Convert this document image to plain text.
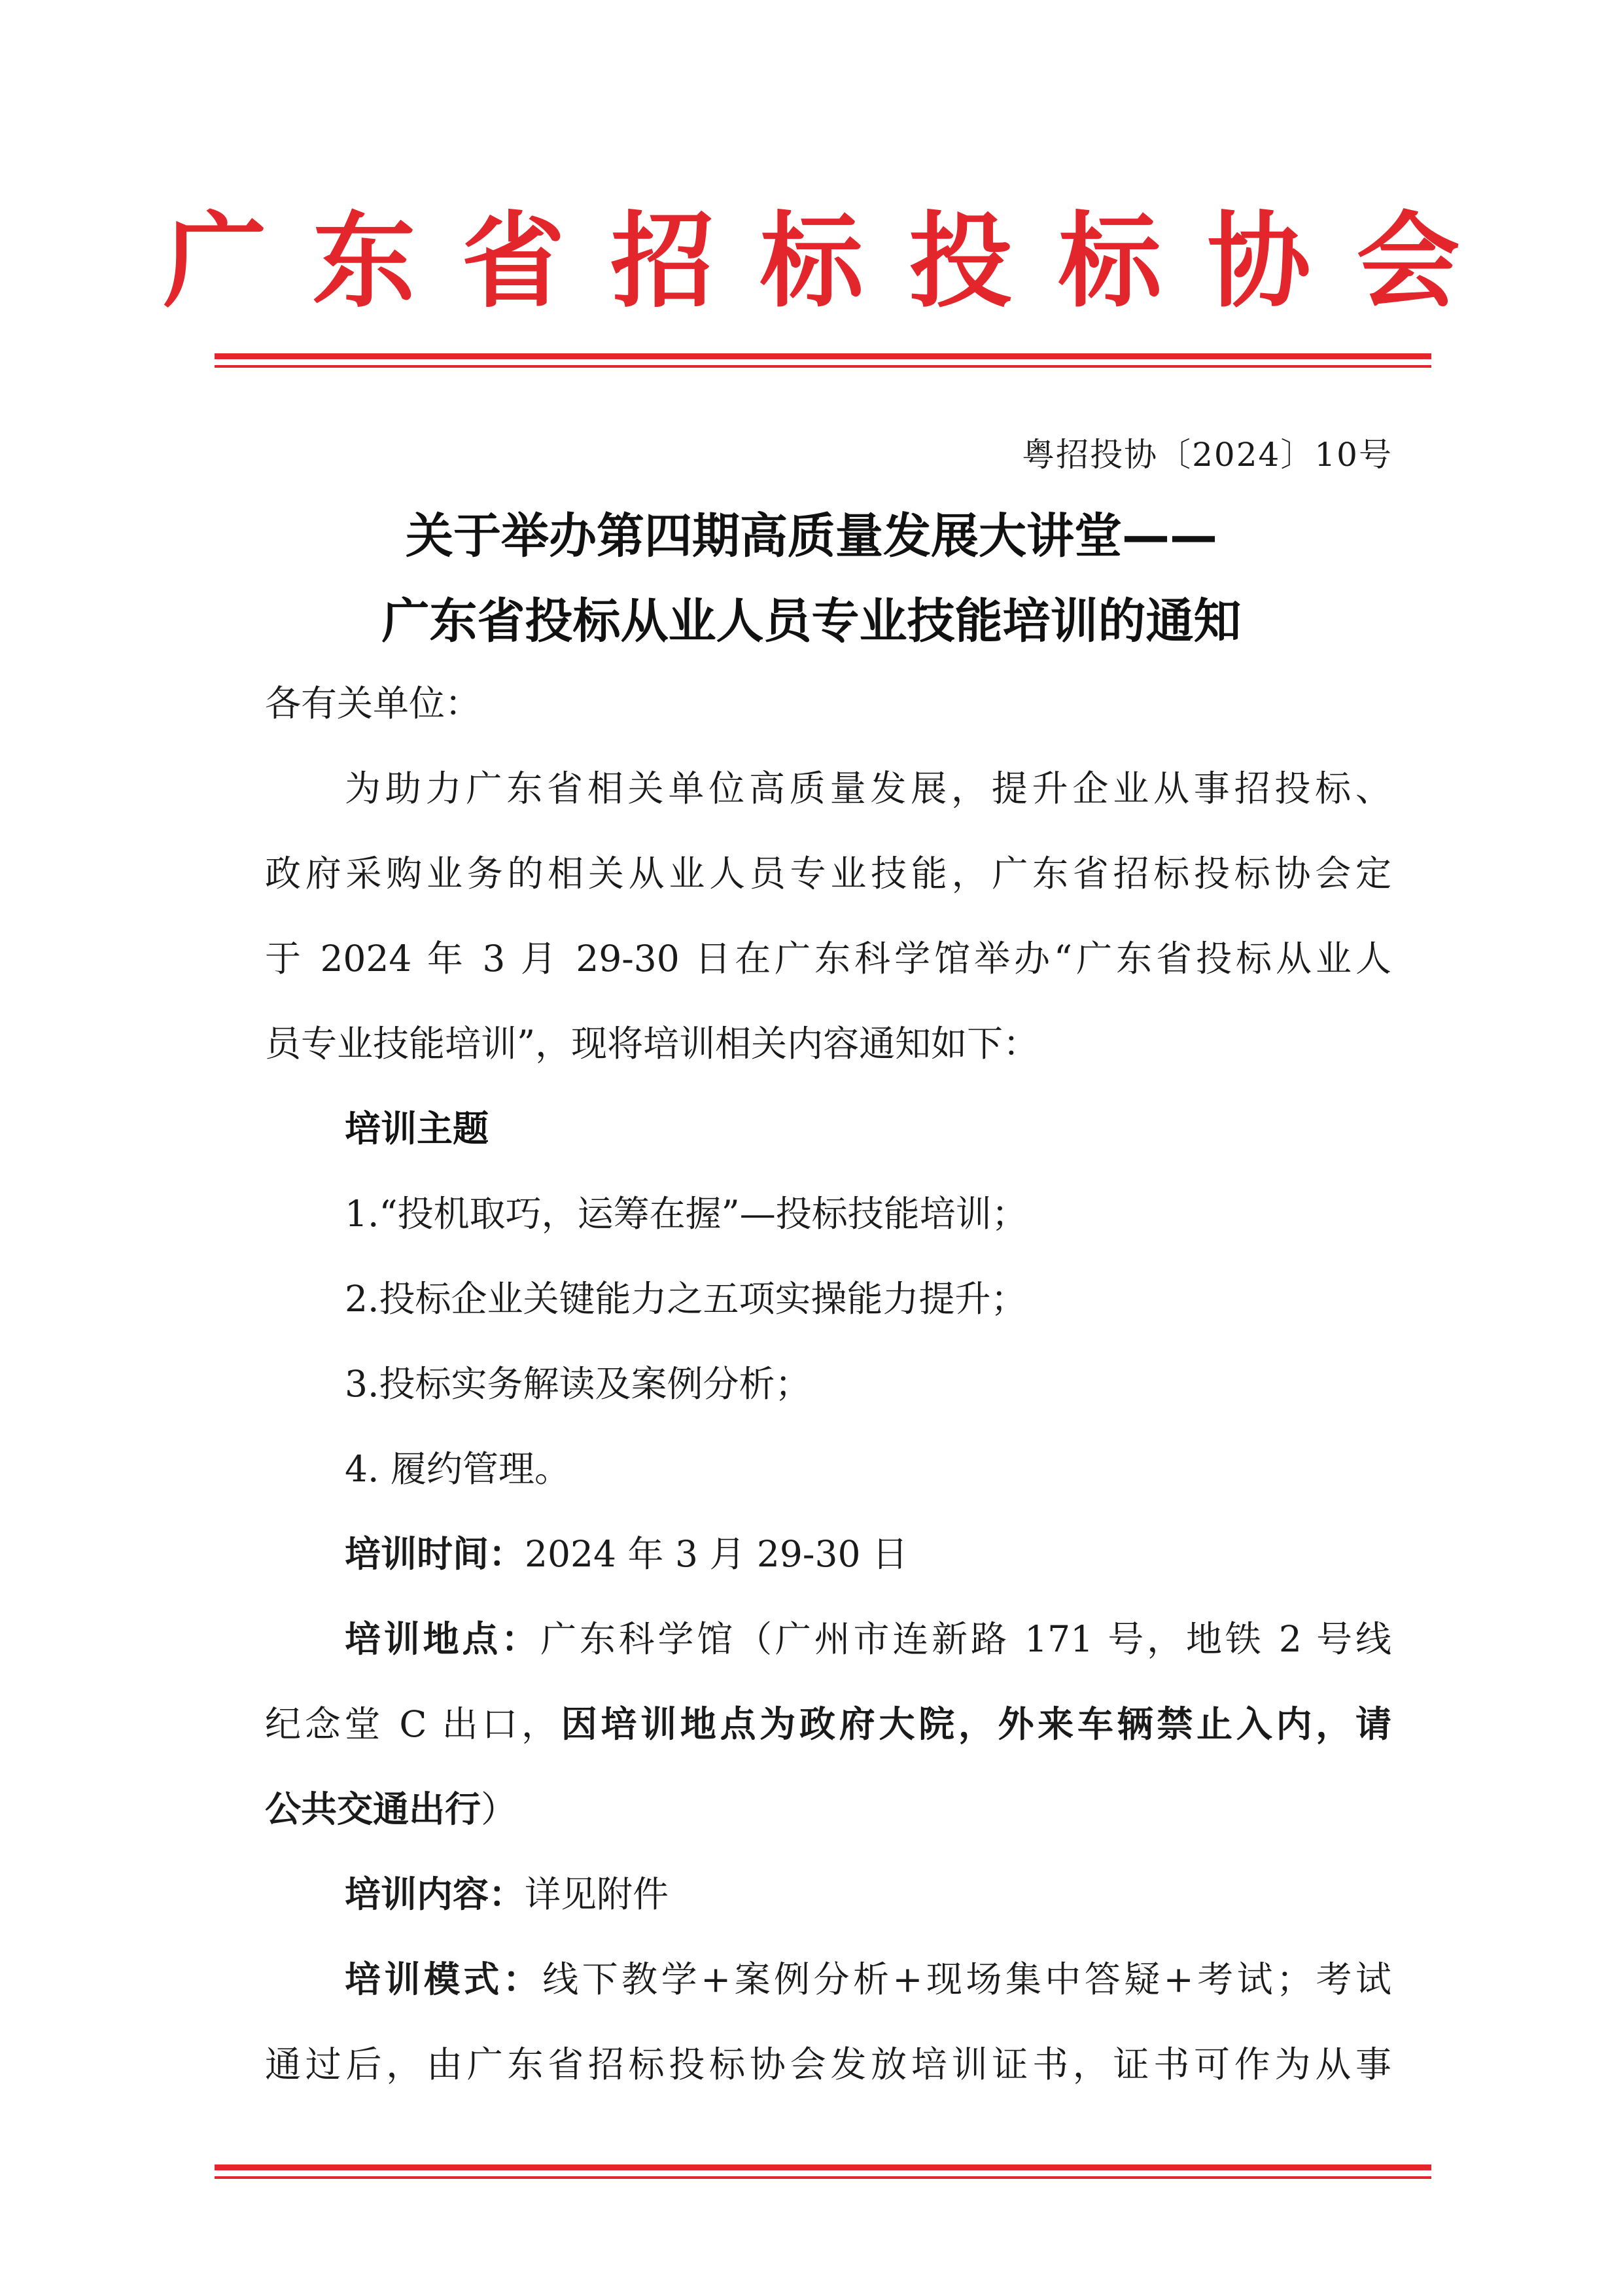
广东省招标投标协会
粤招投协〔2024〕10号
关于举办第四期高质量发展大讲堂——
广东省投标从业人员专业技能培训的通知
各有关单位：
为助力广东省相关单位高质量发展，提升企业从事招投标、
政府采购业务的相关从业人员专业技能，广东省招标投标协会定
于 2024 年 3 月 29-30 日在广东科学馆举办“广东省投标从业人
员专业技能培训”，现将培训相关内容通知如下：
培训主题
1.“投机取巧，运筹在握”—投标技能培训；
2.投标企业关键能力之五项实操能力提升；
3.投标实务解读及案例分析；
4. 履约管理。
培训时间：2024 年 3 月 29-30 日
培训地点：广东科学馆（广州市连新路 171 号，地铁 2 号线
纪念堂 C 出口，因培训地点为政府大院，外来车辆禁止入内，请
公共交通出行）
培训内容：详见附件
培训模式：线下教学+案例分析+现场集中答疑+考试；考试
通过后，由广东省招标投标协会发放培训证书，证书可作为从事
